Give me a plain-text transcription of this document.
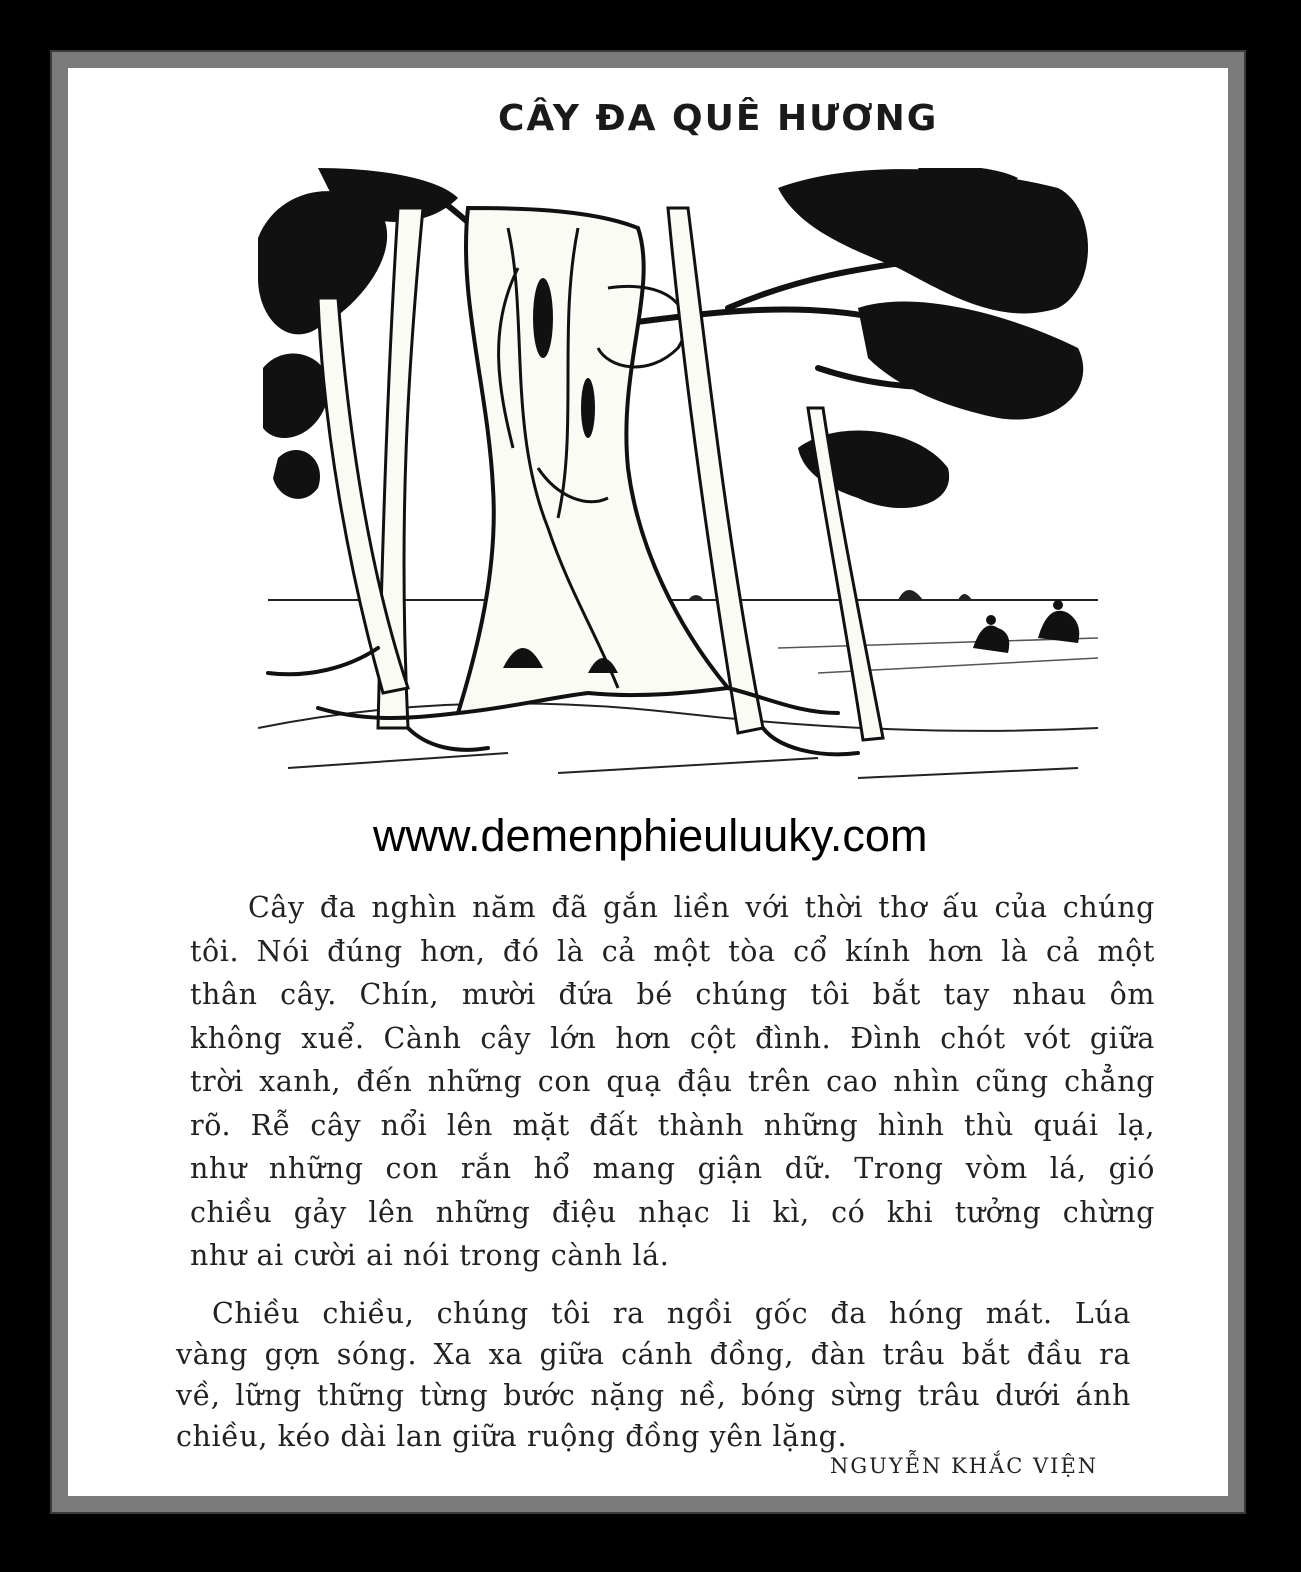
CÂY ĐA QUÊ HƯƠNG
www.demenphieuluuky.com
Cây đa nghìn năm đã gắn liền với thời thơ ấu của chúng
tôi. Nói đúng hơn, đó là cả một tòa cổ kính hơn là cả một
thân cây. Chín, mười đứa bé chúng tôi bắt tay nhau ôm
không xuể. Cành cây lớn hơn cột đình. Đình chót vót giữa
trời xanh, đến những con quạ đậu trên cao nhìn cũng chẳng
rõ. Rễ cây nổi lên mặt đất thành những hình thù quái lạ,
như những con rắn hổ mang giận dữ. Trong vòm lá, gió
chiều gảy lên những điệu nhạc li kì, có khi tưởng chừng
như ai cười ai nói trong cành lá.
Chiều chiều, chúng tôi ra ngồi gốc đa hóng mát. Lúa
vàng gợn sóng. Xa xa giữa cánh đồng, đàn trâu bắt đầu ra
về, lững thững từng bước nặng nề, bóng sừng trâu dưới ánh
chiều, kéo dài lan giữa ruộng đồng yên lặng.
NGUYỄN KHẮC VIỆN
